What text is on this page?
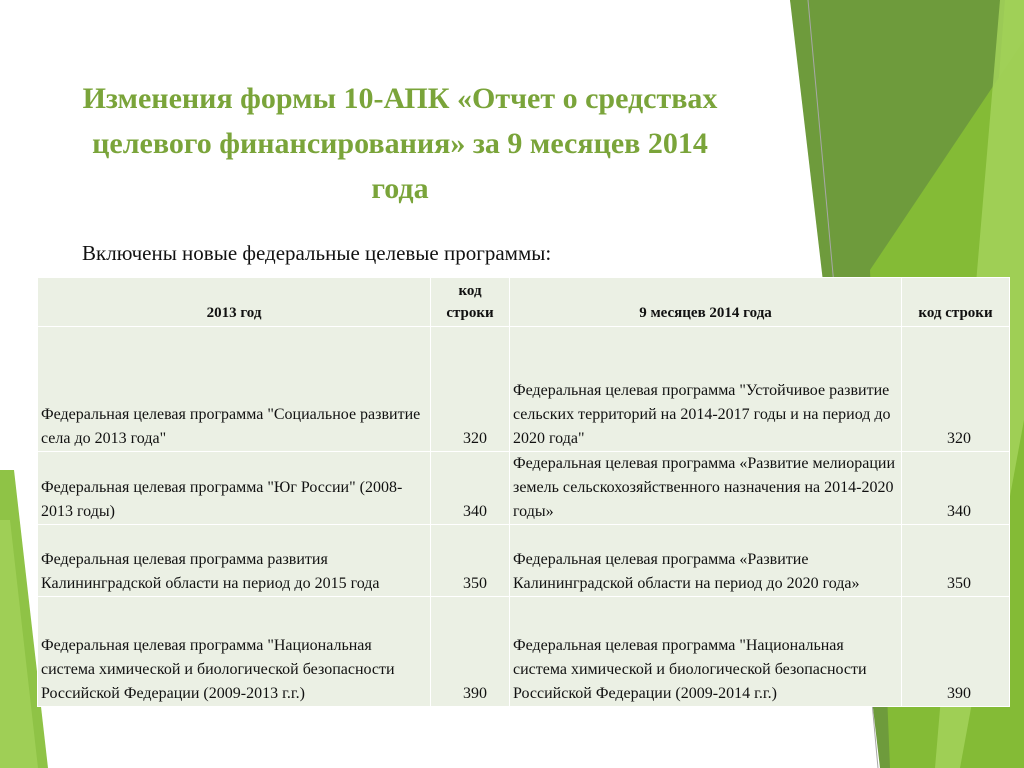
Изменения формы 10-АПК «Отчет о средствах целевого финансирования» за 9 месяцев 2014 года

Включены новые федеральные целевые программы:

2013 год	код строки	9 месяцев 2014 года	код строки
Федеральная целевая программа "Социальное развитие села до 2013 года"	320	Федеральная целевая программа "Устойчивое развитие сельских территорий на 2014-2017 годы и на период до 2020 года"	320
Федеральная целевая программа "Юг России" (2008-2013 годы)	340	Федеральная целевая программа «Развитие мелиорации земель сельскохозяйственного назначения на 2014-2020 годы»	340
Федеральная целевая программа развития Калининградской области на период до 2015 года	350	Федеральная целевая программа «Развитие Калининградской области на период до 2020 года»	350
Федеральная целевая программа "Национальная система химической и биологической безопасности Российской Федерации (2009-2013 г.г.)	390	Федеральная целевая программа "Национальная система химической и биологической безопасности Российской Федерации (2009-2014 г.г.)	390
